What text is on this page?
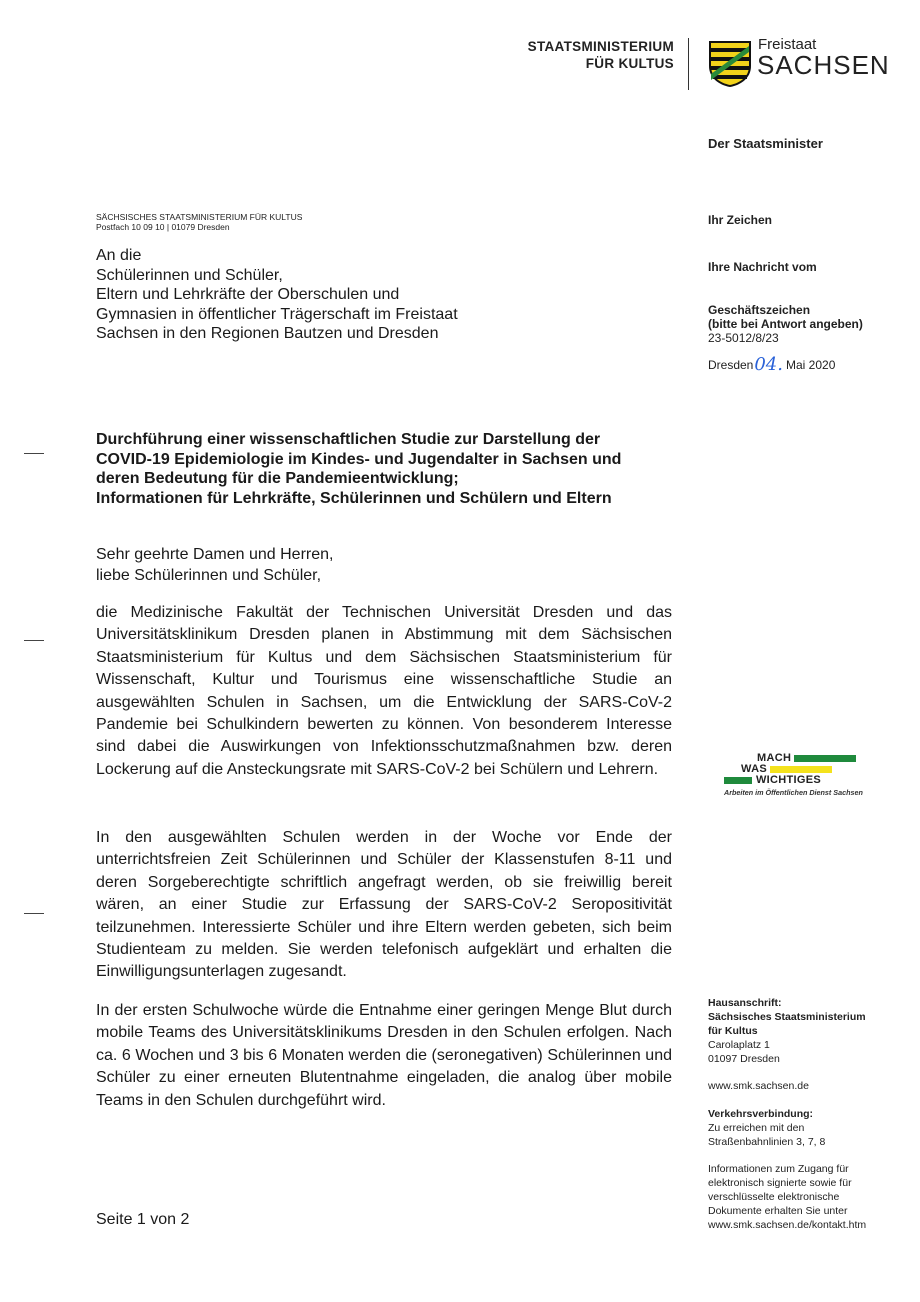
STAATSMINISTERIUM
FÜR KULTUS
Freistaat
SACHSEN
Der Staatsminister
Ihr Zeichen
Ihre Nachricht vom
Geschäftszeichen
(bitte bei Antwort angeben)
23-5012/8/23
Dresden 04. Mai 2020
SÄCHSISCHES STAATSMINISTERIUM FÜR KULTUS
Postfach 10 09 10 | 01079 Dresden
An die
Schülerinnen und Schüler,
Eltern und Lehrkräfte der Oberschulen und
Gymnasien in öffentlicher Trägerschaft im Freistaat
Sachsen in den Regionen Bautzen und Dresden
Durchführung einer wissenschaftlichen Studie zur Darstellung der
COVID-19 Epidemiologie im Kindes- und Jugendalter in Sachsen und
deren Bedeutung für die Pandemieentwicklung;
Informationen für Lehrkräfte, Schülerinnen und Schülern und Eltern
Sehr geehrte Damen und Herren,
liebe Schülerinnen und Schüler,
die Medizinische Fakultät der Technischen Universität Dresden und das Universitätsklinikum Dresden planen in Abstimmung mit dem Sächsischen Staatsministerium für Kultus und dem Sächsischen Staatsministerium für Wissenschaft, Kultur und Tourismus eine wissenschaftliche Studie an ausgewählten Schulen in Sachsen, um die Entwicklung der SARS-CoV-2 Pandemie bei Schulkindern bewerten zu können. Von besonderem Interesse sind dabei die Auswirkungen von Infektionsschutzmaßnahmen bzw. deren Lockerung auf die Ansteckungsrate mit SARS-CoV-2 bei Schülern und Lehrern.
In den ausgewählten Schulen werden in der Woche vor Ende der unterrichtsfreien Zeit Schülerinnen und Schüler der Klassenstufen 8-11 und deren Sorgeberechtigte schriftlich angefragt werden, ob sie freiwillig bereit wären, an einer Studie zur Erfassung der SARS-CoV-2 Seropositivität teilzunehmen. Interessierte Schüler und ihre Eltern werden gebeten, sich beim Studienteam zu melden. Sie werden telefonisch aufgeklärt und erhalten die Einwilligungsunterlagen zugesandt.
In der ersten Schulwoche würde die Entnahme einer geringen Menge Blut durch mobile Teams des Universitätsklinikums Dresden in den Schulen erfolgen. Nach ca. 6 Wochen und 3 bis 6 Monaten werden die (seronegativen) Schülerinnen und Schüler zu einer erneuten Blutentnahme eingeladen, die analog über mobile Teams in den Schulen durchgeführt wird.
MACH
WAS
WICHTIGES
Arbeiten im Öffentlichen Dienst Sachsen
Hausanschrift:
Sächsisches Staatsministerium
für Kultus
Carolaplatz 1
01097 Dresden
www.smk.sachsen.de
Verkehrsverbindung:
Zu erreichen mit den
Straßenbahnlinien 3, 7, 8
Informationen zum Zugang für
elektronisch signierte sowie für
verschlüsselte elektronische
Dokumente erhalten Sie unter
www.smk.sachsen.de/kontakt.htm
Seite 1 von 2
